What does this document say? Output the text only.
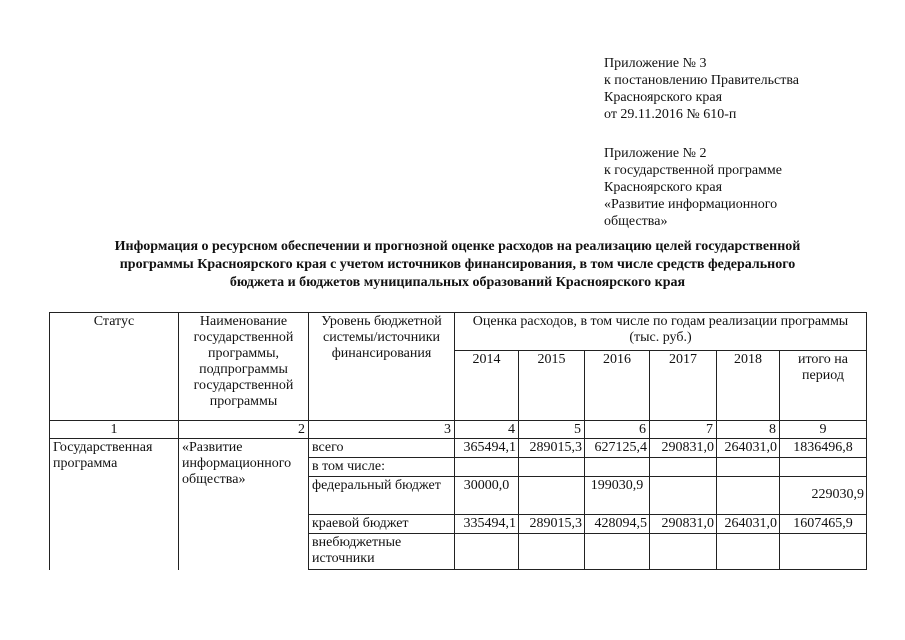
Приложение № 3
к постановлению Правительства
Красноярского края
от 29.11.2016 № 610-п
Приложение № 2
к государственной программе
Красноярского края
«Развитие информационного
общества»
Информация о ресурсном обеспечении и прогнозной оценке расходов на реализацию целей государственной
программы Красноярского края с учетом источников финансирования, в том числе средств федерального
бюджета и бюджетов муниципальных образований Красноярского края
Статус	Наименование государственной программы, подпрограммы государственной программы	Уровень бюджетной системы/источники финансирования	Оценка расходов, в том числе по годам реализации программы (тыс. руб.)					
			2014	2015	2016	2017	2018	итого на период
1	2	3	4	5	6	7	8	9
Государственная программа	«Развитие информационного общества»	всего	365494,1	289015,3	627125,4	290831,0	264031,0	1836496,8
		в том числе:						
		федеральный бюджет	30000,0		199030,9			229030,9
		краевой бюджет	335494,1	289015,3	428094,5	290831,0	264031,0	1607465,9
		внебюджетные источники						
